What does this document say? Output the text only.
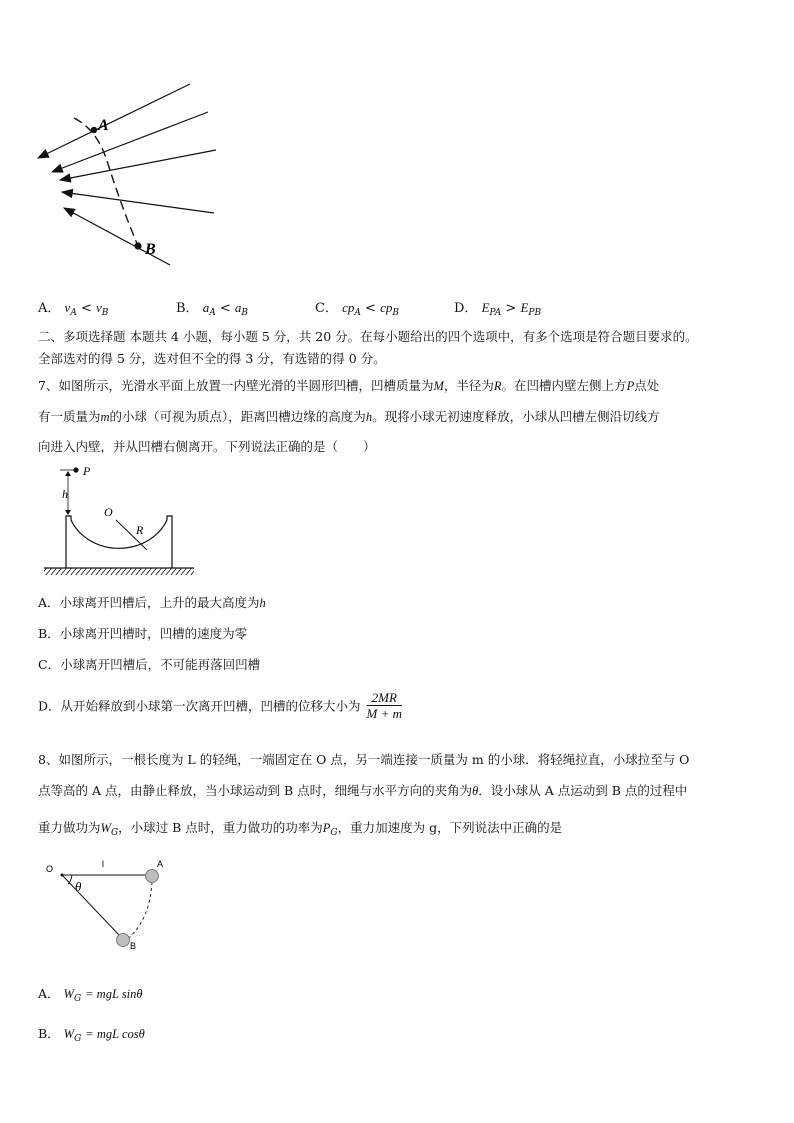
A
B
A． $v_A < v_B$	B． $a_A < a_B$	C． $cp_A < cp_B$	D． $E_{PA} > E_{PB}$
二、多项选择题 本题共 4 小题，每小题 5 分，共 20 分。在每小题给出的四个选项中，有多个选项是符合题目要求的。
全部选对的得 5 分，选对但不全的得 3 分，有选错的得 0 分。
7、如图所示，光滑水平面上放置一内壁光滑的半圆形凹槽，凹槽质量为M，半径为R。在凹槽内壁左侧上方P点处
有一质量为m的小球（可视为质点），距离凹槽边缘的高度为h。现将小球无初速度释放，小球从凹槽左侧沿切线方
向进入内壁，并从凹槽右侧离开。下列说法正确的是（　　）
P
h
O
R
A．小球离开凹槽后，上升的最大高度为h
B．小球离开凹槽时，凹槽的速度为零
C．小球离开凹槽后，不可能再落回凹槽
D．从开始释放到小球第一次离开凹槽，凹槽的位移大小为 $\frac{2MR}{M + m}$
8、如图所示，一根长度为 L 的轻绳，一端固定在 O 点，另一端连接一质量为 m 的小球．将轻绳拉直，小球拉至与 O
点等高的 A 点，由静止释放，当小球运动到 B 点时，细绳与水平方向的夹角为θ．设小球从 A 点运动到 B 点的过程中
重力做功为$W_G$，小球过 B 点时，重力做功的功率为$P_G$，重力加速度为 g，下列说法中正确的是
O	l	A
B
θ
A． $W_G$ = mgL sinθ
B． $W_G$ = mgL cosθ
